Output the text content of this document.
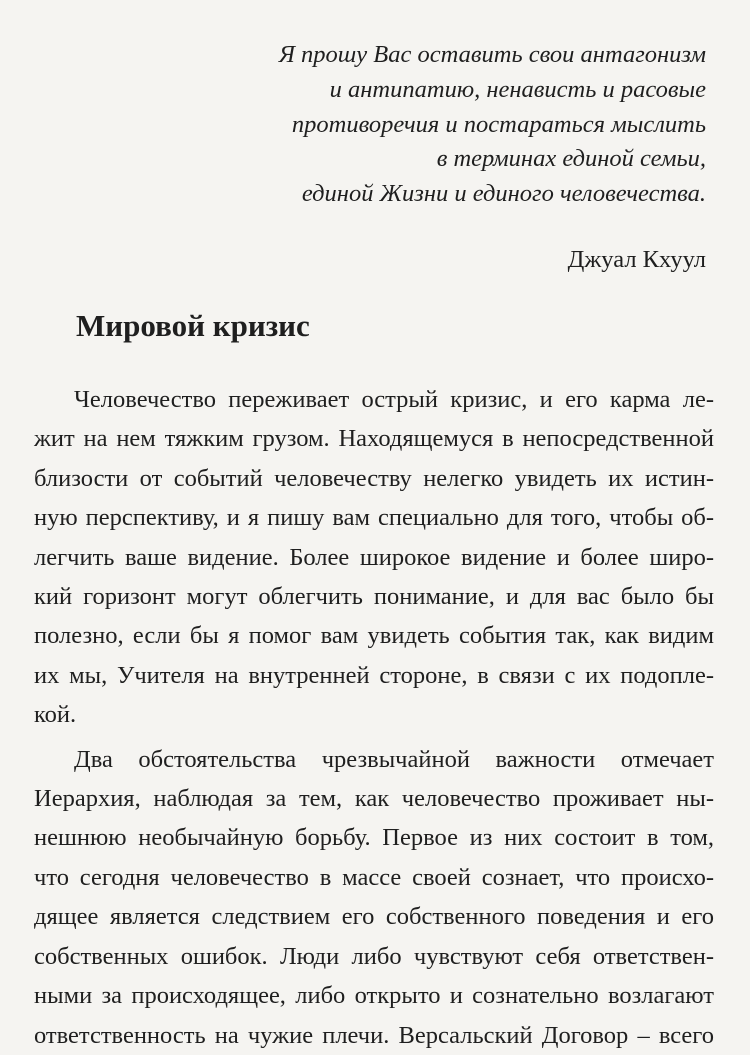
Я прошу Вас оставить свои антагонизм
и антипатию, ненависть и расовые
противоречия и постараться мыслить
в терминах единой семьи,
единой Жизни и единого человечества.
Джуал Кхуул
Мировой кризис

Человечество переживает острый кризис, и его карма ле-
жит на нем тяжким грузом. Находящемуся в непосредственной
близости от событий человечеству нелегко увидеть их истин-
ную перспективу, и я пишу вам специально для того, чтобы об-
легчить ваше видение. Более широкое видение и более широ-
кий горизонт могут облегчить понимание, и для вас было бы
полезно, если бы я помог вам увидеть события так, как видим
их мы, Учителя на внутренней стороне, в связи с их подопле-
кой.

Два обстоятельства чрезвычайной важности отмечает
Иерархия, наблюдая за тем, как человечество проживает ны-
нешнюю необычайную борьбу. Первое из них состоит в том,
что сегодня человечество в массе своей сознает, что происхо-
дящее является следствием его собственного поведения и его
собственных ошибок. Люди либо чувствуют себя ответствен-
ными за происходящее, либо открыто и сознательно возлагают
ответственность на чужие плечи. Версальский Договор – всего
